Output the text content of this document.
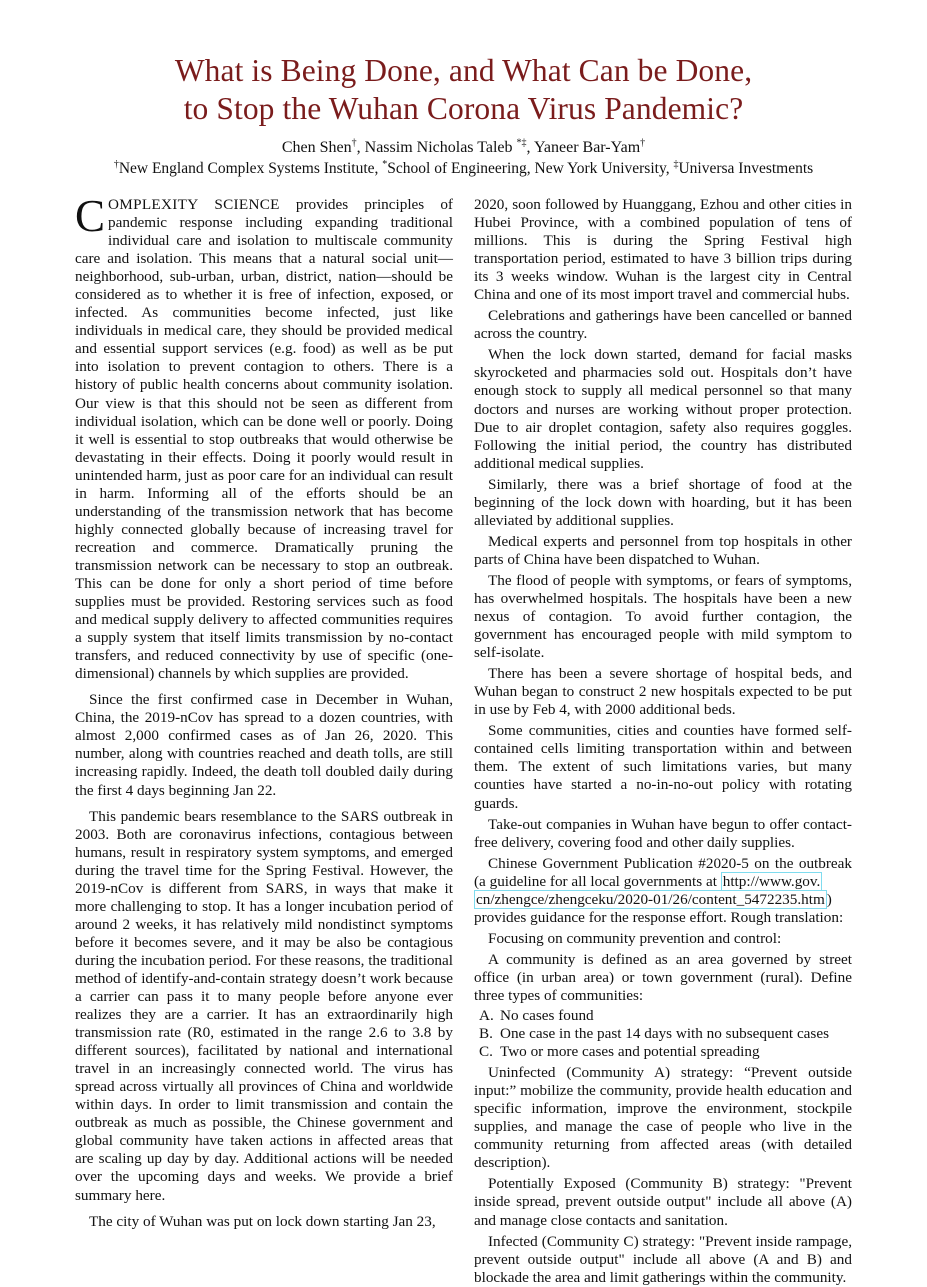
What is Being Done, and What Can be Done,
to Stop the Wuhan Corona Virus Pandemic?
Chen Shen†, Nassim Nicholas Taleb *‡, Yaneer Bar-Yam†
†New England Complex Systems Institute, *School of Engineering, New York University, ‡Universa Investments

COMPLEXITY SCIENCE provides principles of pandemic response including expanding traditional individual care and isolation to multiscale community care and isolation. This means that a natural social unit—neighborhood, sub-urban, urban, district, nation—should be considered as to whether it is free of infection, exposed, or infected. As communities become infected, just like individuals in medical care, they should be provided medical and essential support services (e.g. food) as well as be put into isolation to prevent contagion to others. There is a history of public health concerns about community isolation. Our view is that this should not be seen as different from individual isolation, which can be done well or poorly. Doing it well is essential to stop outbreaks that would otherwise be devastating in their effects. Doing it poorly would result in unintended harm, just as poor care for an individual can result in harm. Informing all of the efforts should be an understanding of the transmission network that has become highly connected globally because of increasing travel for recreation and commerce. Dramatically pruning the transmission network can be necessary to stop an outbreak. This can be done for only a short period of time before supplies must be provided. Restoring services such as food and medical supply delivery to affected communities requires a supply system that itself limits transmission by no-contact transfers, and reduced connectivity by use of specific (one-dimensional) channels by which supplies are provided.

Since the first confirmed case in December in Wuhan, China, the 2019-nCov has spread to a dozen countries, with almost 2,000 confirmed cases as of Jan 26, 2020. This number, along with countries reached and death tolls, are still increasing rapidly. Indeed, the death toll doubled daily during the first 4 days beginning Jan 22.

This pandemic bears resemblance to the SARS outbreak in 2003. Both are coronavirus infections, contagious between humans, result in respiratory system symptoms, and emerged during the travel time for the Spring Festival. However, the 2019-nCov is different from SARS, in ways that make it more challenging to stop. It has a longer incubation period of around 2 weeks, it has relatively mild nondistinct symptoms before it becomes severe, and it may be also be contagious during the incubation period. For these reasons, the traditional method of identify-and-contain strategy doesn’t work because a carrier can pass it to many people before anyone ever realizes they are a carrier. It has an extraordinarily high transmission rate (R0, estimated in the range 2.6 to 3.8 by different sources), facilitated by national and international travel in an increasingly connected world. The virus has spread across virtually all provinces of China and worldwide within days. In order to limit transmission and contain the outbreak as much as possible, the Chinese government and global community have taken actions in affected areas that are scaling up day by day. Additional actions will be needed over the upcoming days and weeks. We provide a brief summary here.

The city of Wuhan was put on lock down starting Jan 23,

2020, soon followed by Huanggang, Ezhou and other cities in Hubei Province, with a combined population of tens of millions. This is during the Spring Festival high transportation period, estimated to have 3 billion trips during its 3 weeks window. Wuhan is the largest city in Central China and one of its most import travel and commercial hubs.

Celebrations and gatherings have been cancelled or banned across the country.

When the lock down started, demand for facial masks skyrocketed and pharmacies sold out. Hospitals don’t have enough stock to supply all medical personnel so that many doctors and nurses are working without proper protection. Due to air droplet contagion, safety also requires goggles. Following the initial period, the country has distributed additional medical supplies.

Similarly, there was a brief shortage of food at the beginning of the lock down with hoarding, but it has been alleviated by additional supplies.

Medical experts and personnel from top hospitals in other parts of China have been dispatched to Wuhan.

The flood of people with symptoms, or fears of symptoms, has overwhelmed hospitals. The hospitals have been a new nexus of contagion. To avoid further contagion, the government has encouraged people with mild symptom to self-isolate.

There has been a severe shortage of hospital beds, and Wuhan began to construct 2 new hospitals expected to be put in use by Feb 4, with 2000 additional beds.

Some communities, cities and counties have formed self-contained cells limiting transportation within and between them. The extent of such limitations varies, but many counties have started a no-in-no-out policy with rotating guards.

Take-out companies in Wuhan have begun to offer contact-free delivery, covering food and other daily supplies.

Chinese Government Publication #2020-5 on the outbreak (a guideline for all local governments at http://www.gov.
cn/zhengce/zhengceku/2020-01/26/content_5472235.htm ) provides guidance for the response effort. Rough translation:

Focusing on community prevention and control:

A community is defined as an area governed by street office (in urban area) or town government (rural). Define three types of communities:

A. No cases found
B. One case in the past 14 days with no subsequent cases
C. Two or more cases and potential spreading

Uninfected (Community A) strategy: “Prevent outside input:” mobilize the community, provide health education and specific information, improve the environment, stockpile supplies, and manage the case of people who live in the community returning from affected areas (with detailed description).

Potentially Exposed (Community B) strategy: "Prevent inside spread, prevent outside output" include all above (A) and manage close contacts and sanitation.

Infected (Community C) strategy: "Prevent inside rampage, prevent outside output" include all above (A and B) and blockade the area and limit gatherings within the community.
